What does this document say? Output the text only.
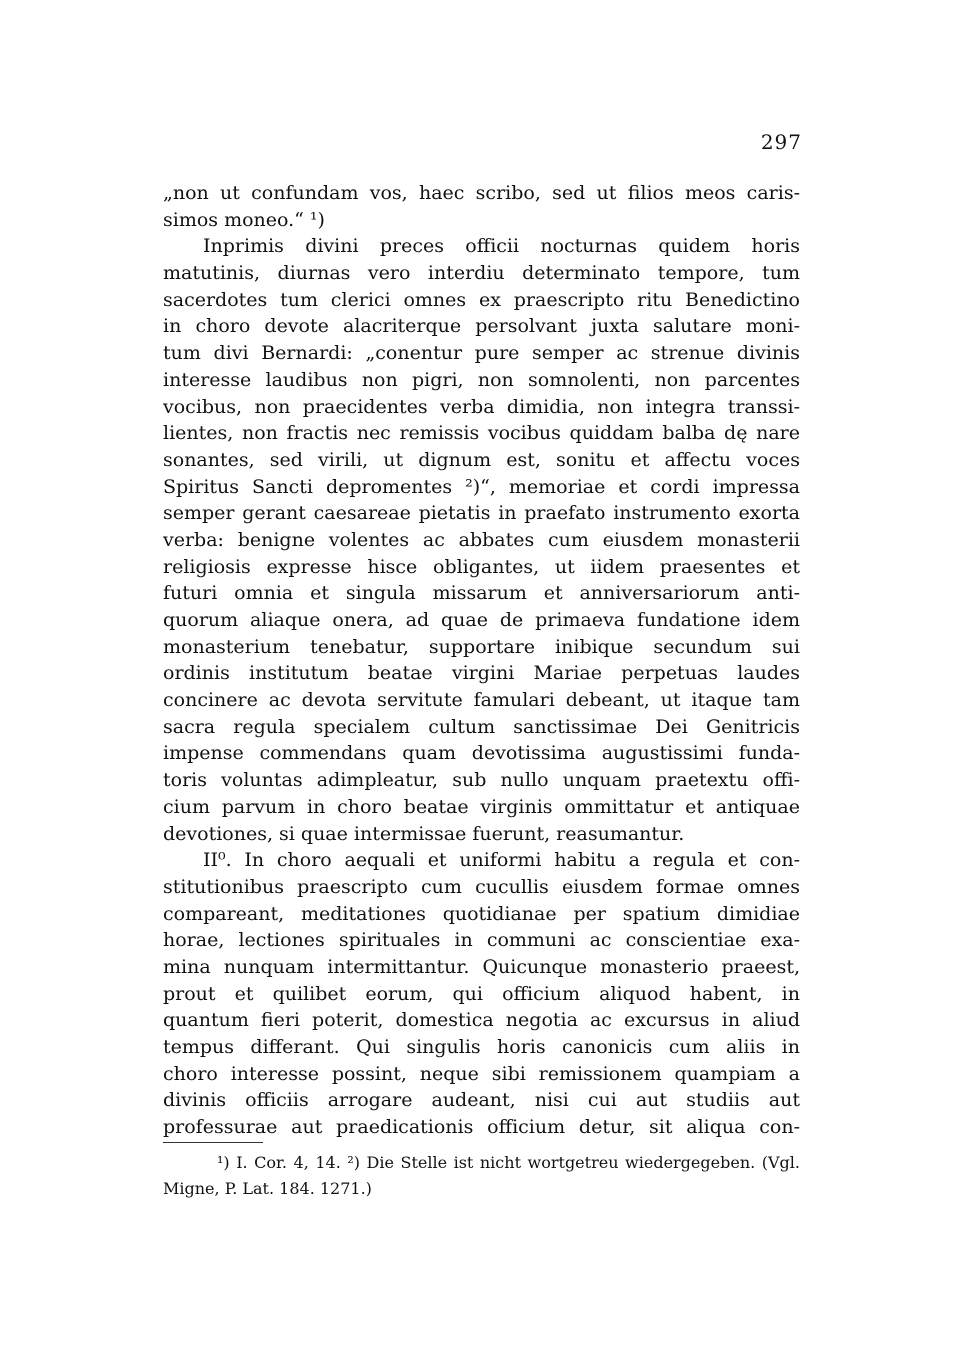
297
„non ut confundam vos, haec scribo, sed ut filios meos caris-
simos moneo.“ ¹)
Inprimis divini preces officii nocturnas quidem horis
matutinis, diurnas vero interdiu determinato tempore, tum
sacerdotes tum clerici omnes ex praescripto ritu Benedictino
in choro devote alacriterque persolvant juxta salutare moni-
tum divi Bernardi: „conentur pure semper ac strenue divinis
interesse laudibus non pigri, non somnolenti, non parcentes
vocibus, non praecidentes verba dimidia, non integra transsi-
lientes, non fractis nec remissis vocibus quiddam balba dę nare
sonantes, sed virili, ut dignum est, sonitu et affectu voces
Spiritus Sancti depromentes ²)“, memoriae et cordi impressa
semper gerant caesareae pietatis in praefato instrumento exorta
verba: benigne volentes ac abbates cum eiusdem monasterii
religiosis expresse hisce obligantes, ut iidem praesentes et
futuri omnia et singula missarum et anniversariorum anti-
quorum aliaque onera, ad quae de primaeva fundatione idem
monasterium tenebatur, supportare inibique secundum sui
ordinis institutum beatae virgini Mariae perpetuas laudes
concinere ac devota servitute famulari debeant, ut itaque tam
sacra regula specialem cultum sanctissimae Dei Genitricis
impense commendans quam devotissima augustissimi funda-
toris voluntas adimpleatur, sub nullo unquam praetextu offi-
cium parvum in choro beatae virginis ommittatur et antiquae
devotiones, si quae intermissae fuerunt, reasumantur.
II⁰. In choro aequali et uniformi habitu a regula et con-
stitutionibus praescripto cum cucullis eiusdem formae omnes
compareant, meditationes quotidianae per spatium dimidiae
horae, lectiones spirituales in communi ac conscientiae exa-
mina nunquam intermittantur. Quicunque monasterio praeest,
prout et quilibet eorum, qui officium aliquod habent, in
quantum fieri poterit, domestica negotia ac excursus in aliud
tempus differant. Qui singulis horis canonicis cum aliis in
choro interesse possint, neque sibi remissionem quampiam a
divinis officiis arrogare audeant, nisi cui aut studiis aut
professurae aut praedicationis officium detur, sit aliqua con-
¹) I. Cor. 4, 14. ²) Die Stelle ist nicht wortgetreu wiedergegeben. (Vgl.
Migne, P. Lat. 184. 1271.)
